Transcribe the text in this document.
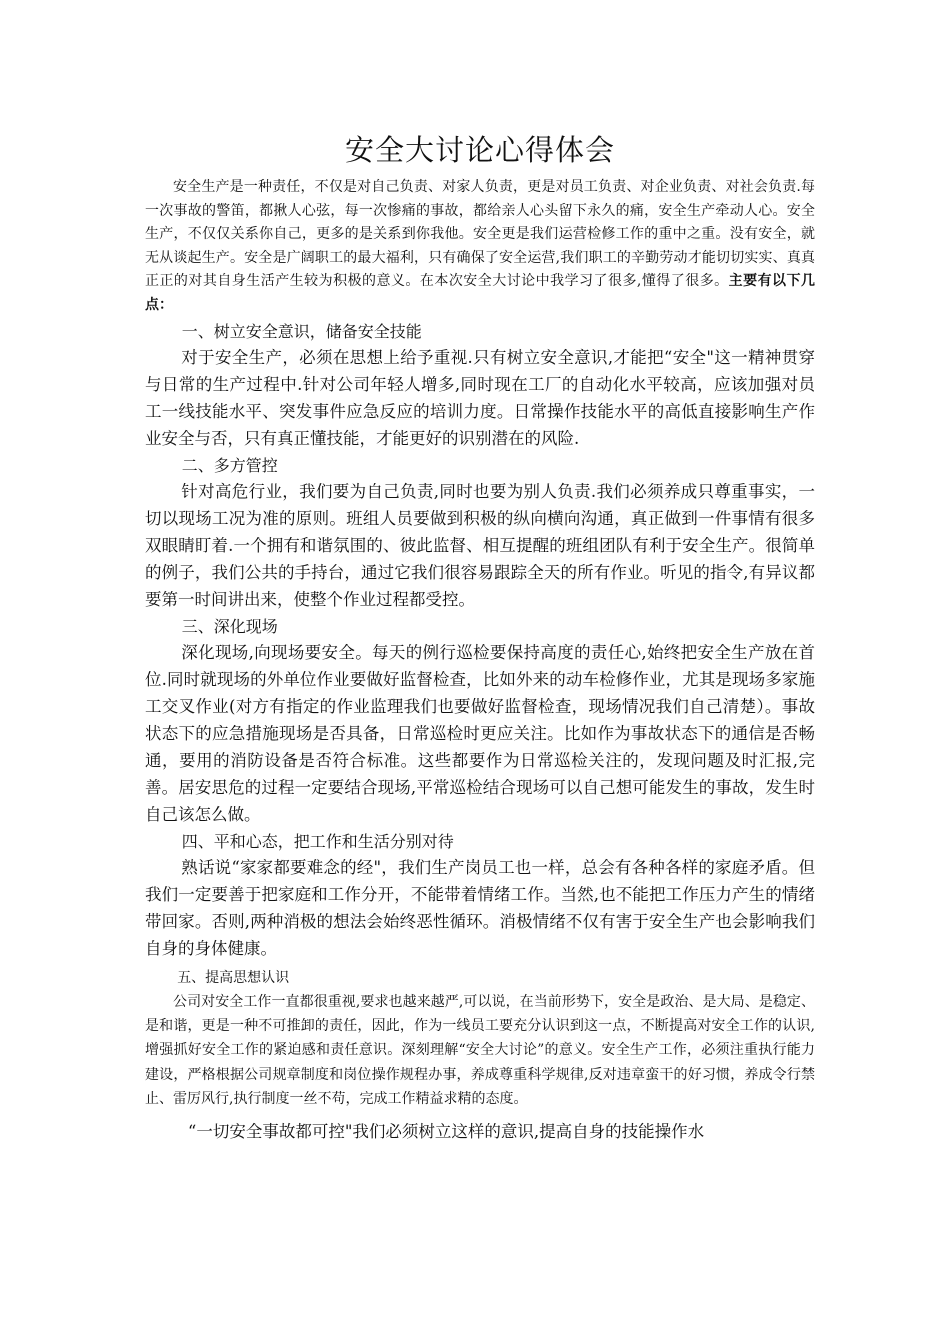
安全大讨论心得体会

安全生产是一种责任，不仅是对自己负责、对家人负责，更是对员工负责、对企业负责、对社会负责.每一次事故的警笛，都揪人心弦，每一次惨痛的事故，都给亲人心头留下永久的痛，安全生产牵动人心。安全生产，不仅仅关系你自己，更多的是关系到你我他。安全更是我们运营检修工作的重中之重。没有安全，就无从谈起生产。安全是广阔职工的最大福利，只有确保了安全运营,我们职工的辛勤劳动才能切切实实、真真正正的对其自身生活产生较为积极的意义。在本次安全大讨论中我学习了很多,懂得了很多。主要有以下几点：

一、树立安全意识，储备安全技能

对于安全生产，必须在思想上给予重视.只有树立安全意识,才能把“安全"这一精神贯穿与日常的生产过程中.针对公司年轻人增多,同时现在工厂的自动化水平较高，应该加强对员工一线技能水平、突发事件应急反应的培训力度。日常操作技能水平的高低直接影响生产作业安全与否，只有真正懂技能，才能更好的识别潜在的风险.

二、多方管控

针对高危行业，我们要为自己负责,同时也要为别人负责.我们必须养成只尊重事实，一切以现场工况为准的原则。班组人员要做到积极的纵向横向沟通，真正做到一件事情有很多双眼睛盯着.一个拥有和谐氛围的、彼此监督、相互提醒的班组团队有利于安全生产。很简单的例子，我们公共的手持台，通过它我们很容易跟踪全天的所有作业。听见的指令,有异议都要第一时间讲出来，使整个作业过程都受控。

三、深化现场

深化现场,向现场要安全。每天的例行巡检要保持高度的责任心,始终把安全生产放在首位.同时就现场的外单位作业要做好监督检查，比如外来的动车检修作业，尤其是现场多家施工交叉作业(对方有指定的作业监理我们也要做好监督检查，现场情况我们自己清楚）。事故状态下的应急措施现场是否具备，日常巡检时更应关注。比如作为事故状态下的通信是否畅通，要用的消防设备是否符合标准。这些都要作为日常巡检关注的，发现问题及时汇报,完善。居安思危的过程一定要结合现场,平常巡检结合现场可以自己想可能发生的事故，发生时自己该怎么做。

四、平和心态，把工作和生活分别对待

熟话说“家家都要难念的经"，我们生产岗员工也一样，总会有各种各样的家庭矛盾。但我们一定要善于把家庭和工作分开，不能带着情绪工作。当然,也不能把工作压力产生的情绪带回家。否则,两种消极的想法会始终恶性循环。消极情绪不仅有害于安全生产也会影响我们自身的身体健康。

五、提高思想认识

公司对安全工作一直都很重视,要求也越来越严,可以说，在当前形势下，安全是政治、是大局、是稳定、是和谐，更是一种不可推卸的责任，因此，作为一线员工要充分认识到这一点，不断提高对安全工作的认识,增强抓好安全工作的紧迫感和责任意识。深刻理解“安全大讨论”的意义。安全生产工作，必须注重执行能力建设，严格根据公司规章制度和岗位操作规程办事，养成尊重科学规律,反对违章蛮干的好习惯，养成令行禁止、雷厉风行,执行制度一丝不苟，完成工作精益求精的态度。

“一切安全事故都可控"我们必须树立这样的意识,提高自身的技能操作水
